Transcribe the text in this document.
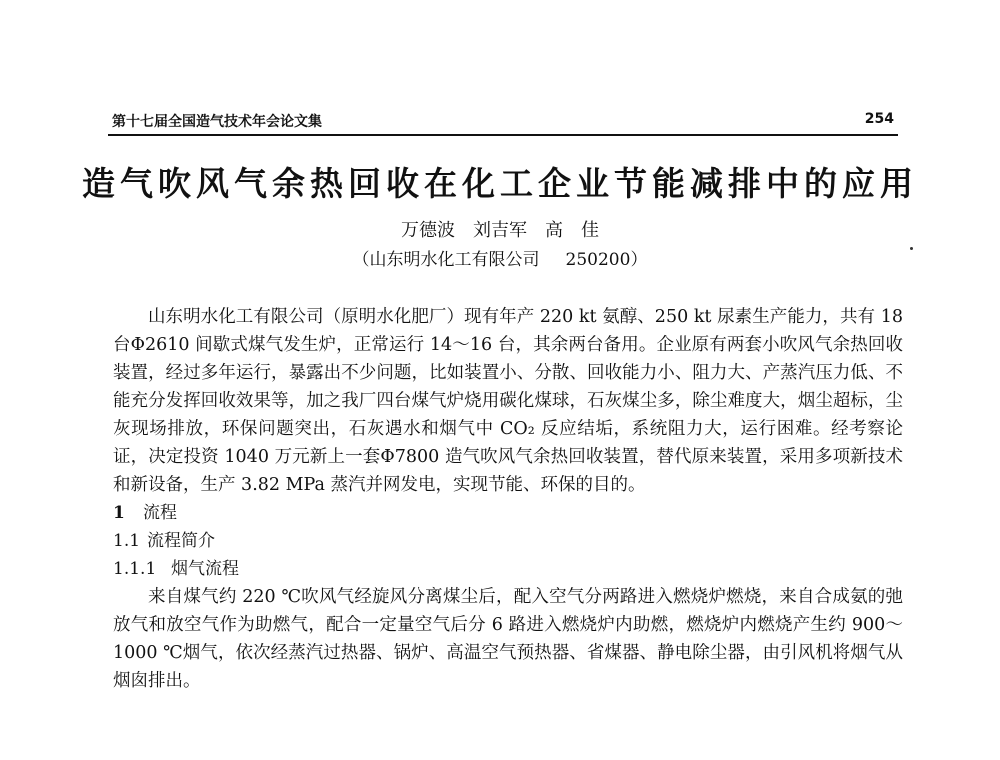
第十七届全国造气技术年会论文集	254
造气吹风气余热回收在化工企业节能减排中的应用
万德波　刘吉军　高　佳
（山东明水化工有限公司 250200）

山东明水化工有限公司（原明水化肥厂）现有年产 220 kt 氨醇、250 kt 尿素生产能力，共有 18 台Φ2610 间歇式煤气发生炉，正常运行 14～16 台，其余两台备用。企业原有两套小吹风气余热回收装置，经过多年运行，暴露出不少问题，比如装置小、分散、回收能力小、阻力大、产蒸汽压力低、不能充分发挥回收效果等，加之我厂四台煤气炉烧用碳化煤球，石灰煤尘多，除尘难度大，烟尘超标，尘灰现场排放，环保问题突出，石灰遇水和烟气中 CO₂ 反应结垢，系统阻力大，运行困难。经考察论证，决定投资 1040 万元新上一套Φ7800 造气吹风气余热回收装置，替代原来装置，采用多项新技术和新设备，生产 3.82 MPa 蒸汽并网发电，实现节能、环保的目的。

1 流程

1.1 流程简介

1.1.1 烟气流程

来自煤气约 220 ℃吹风气经旋风分离煤尘后，配入空气分两路进入燃烧炉燃烧，来自合成氨的弛放气和放空气作为助燃气，配合一定量空气后分 6 路进入燃烧炉内助燃，燃烧炉内燃烧产生约 900～1000 ℃烟气，依次经蒸汽过热器、锅炉、高温空气预热器、省煤器、静电除尘器，由引风机将烟气从烟囱排出。
